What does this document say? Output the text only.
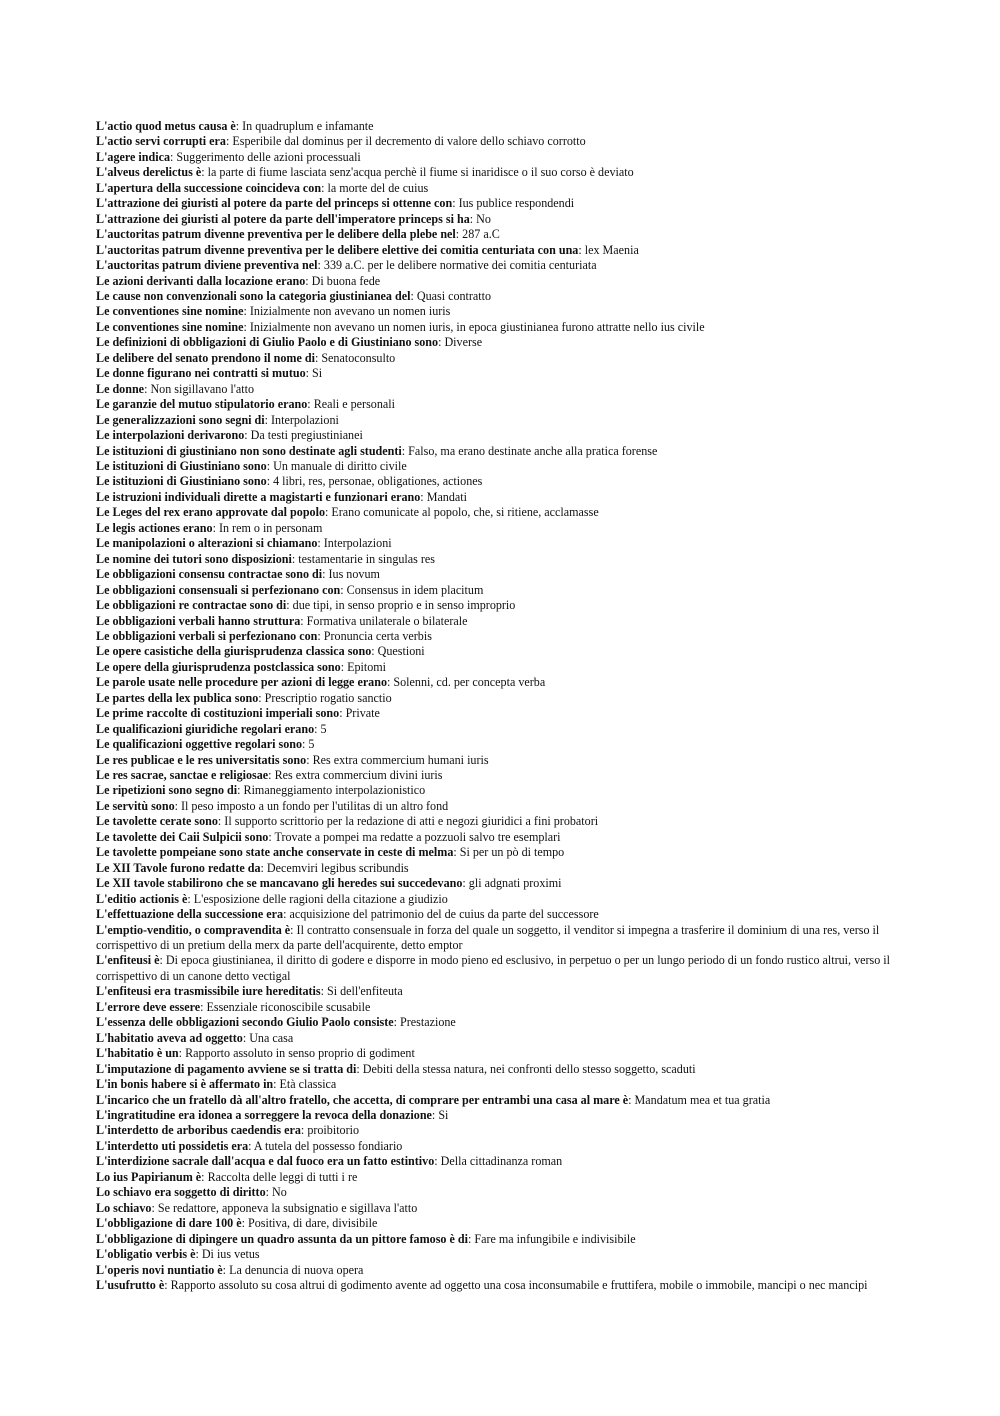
L'actio quod metus causa è: In quadruplum e infamante
L'actio servi corrupti era: Esperibile dal dominus per il decremento di valore dello schiavo corrotto
L'agere indica: Suggerimento delle azioni processuali
L'alveus derelictus è: la parte di fiume lasciata senz'acqua perchè il fiume si inaridisce o il suo corso è deviato
L'apertura della successione coincideva con: la morte del de cuius
L'attrazione dei giuristi al potere da parte del princeps si ottenne con: Ius publice respondendi
L'attrazione dei giuristi al potere da parte dell'imperatore princeps si ha: No
L'auctoritas patrum divenne preventiva per le delibere della plebe nel: 287 a.C
L'auctoritas patrum divenne preventiva per le delibere elettive dei comitia centuriata con una: lex Maenia
L'auctoritas patrum diviene preventiva nel: 339 a.C. per le delibere normative dei comitia centuriata
Le azioni derivanti dalla locazione erano: Di buona fede
Le cause non convenzionali sono la categoria giustinianea del: Quasi contratto
Le conventiones sine nomine: Inizialmente non avevano un nomen iuris
Le conventiones sine nomine: Inizialmente non avevano un nomen iuris, in epoca giustinianea furono attratte nello ius civile
Le definizioni di obbligazioni di Giulio Paolo e di Giustiniano sono: Diverse
Le delibere del senato prendono il nome di: Senatoconsulto
Le donne figurano nei contratti si mutuo: Si
Le donne: Non sigillavano l'atto
Le garanzie del mutuo stipulatorio erano: Reali e personali
Le generalizzazioni sono segni di: Interpolazioni
Le interpolazioni derivarono: Da testi pregiustinianei
Le istituzioni di giustiniano non sono destinate agli studenti: Falso, ma erano destinate anche alla pratica forense
Le istituzioni di Giustiniano sono: Un manuale di diritto civile
Le istituzioni di Giustiniano sono: 4 libri, res, personae, obligationes, actiones
Le istruzioni individuali dirette a magistarti e funzionari erano: Mandati
Le Leges del rex erano approvate dal popolo: Erano comunicate al popolo, che, si ritiene, acclamasse
Le legis actiones erano: In rem o in personam
Le manipolazioni o alterazioni si chiamano: Interpolazioni
Le nomine dei tutori sono disposizioni: testamentarie in singulas res
Le obbligazioni consensu contractae sono di: Ius novum
Le obbligazioni consensuali si perfezionano con: Consensus in idem placitum
Le obbligazioni re contractae sono di: due tipi, in senso proprio e in senso improprio
Le obbligazioni verbali hanno struttura: Formativa unilaterale o bilaterale
Le obbligazioni verbali si perfezionano con: Pronuncia certa verbis
Le opere casistiche della giurisprudenza classica sono: Questioni
Le opere della giurisprudenza postclassica sono: Epitomi
Le parole usate nelle procedure per azioni di legge erano: Solenni, cd. per concepta verba
Le partes della lex publica sono: Prescriptio rogatio sanctio
Le prime raccolte di costituzioni imperiali sono: Private
Le qualificazioni giuridiche regolari erano: 5
Le qualificazioni oggettive regolari sono: 5
Le res publicae e le res universitatis sono: Res extra commercium humani iuris
Le res sacrae, sanctae e religiosae: Res extra commercium divini iuris
Le ripetizioni sono segno di: Rimaneggiamento interpolazionistico
Le servitù sono: Il peso imposto a un fondo per l'utilitas di un altro fond
Le tavolette cerate sono: Il supporto scrittorio per la redazione di atti e negozi giuridici a fini probatori
Le tavolette dei Caii Sulpicii sono: Trovate a pompei ma redatte a pozzuoli salvo tre esemplari
Le tavolette pompeiane sono state anche conservate in ceste di melma: Si per un pò di tempo
Le XII Tavole furono redatte da: Decemviri legibus scribundis
Le XII tavole stabilirono che se mancavano gli heredes sui succedevano: gli adgnati proximi
L'editio actionis è: L'esposizione delle ragioni della citazione a giudizio
L'effettuazione della successione era: acquisizione del patrimonio del de cuius da parte del successore
L'emptio-venditio, o compravendita è: Il contratto consensuale in forza del quale un soggetto, il venditor si impegna a trasferire il dominium di una res, verso il corrispettivo di un pretium della merx da parte dell'acquirente, detto emptor
L'enfiteusi è: Di epoca giustinianea, il diritto di godere e disporre in modo pieno ed esclusivo, in perpetuo o per un lungo periodo di un fondo rustico altrui, verso il corrispettivo di un canone detto vectigal
L'enfiteusi era trasmissibile iure hereditatis: Si dell'enfiteuta
L'errore deve essere: Essenziale riconoscibile scusabile
L'essenza delle obbligazioni secondo Giulio Paolo consiste: Prestazione
L'habitatio aveva ad oggetto: Una casa
L'habitatio è un: Rapporto assoluto in senso proprio di godiment
L'imputazione di pagamento avviene se si tratta di: Debiti della stessa natura, nei confronti dello stesso soggetto, scaduti
L'in bonis habere si è affermato in: Età classica
L'incarico che un fratello dà all'altro fratello, che accetta, di comprare per entrambi una casa al mare è: Mandatum mea et tua gratia
L'ingratitudine era idonea a sorreggere la revoca della donazione: Si
L'interdetto de arboribus caedendis era: proibitorio
L'interdetto uti possidetis era: A tutela del possesso fondiario
L'interdizione sacrale dall'acqua e dal fuoco era un fatto estintivo: Della cittadinanza roman
Lo ius Papirianum è: Raccolta delle leggi di tutti i re
Lo schiavo era soggetto di diritto: No
Lo schiavo: Se redattore, apponeva la subsignatio e sigillava l'atto
L'obbligazione di dare 100 è: Positiva, di dare, divisibile
L'obbligazione di dipingere un quadro assunta da un pittore famoso è di: Fare ma infungibile e indivisibile
L'obligatio verbis è: Di ius vetus
L'operis novi nuntiatio è: La denuncia di nuova opera
L'usufrutto è: Rapporto assoluto su cosa altrui di godimento avente ad oggetto una cosa inconsumabile e fruttifera, mobile o immobile, mancipi o nec mancipi
